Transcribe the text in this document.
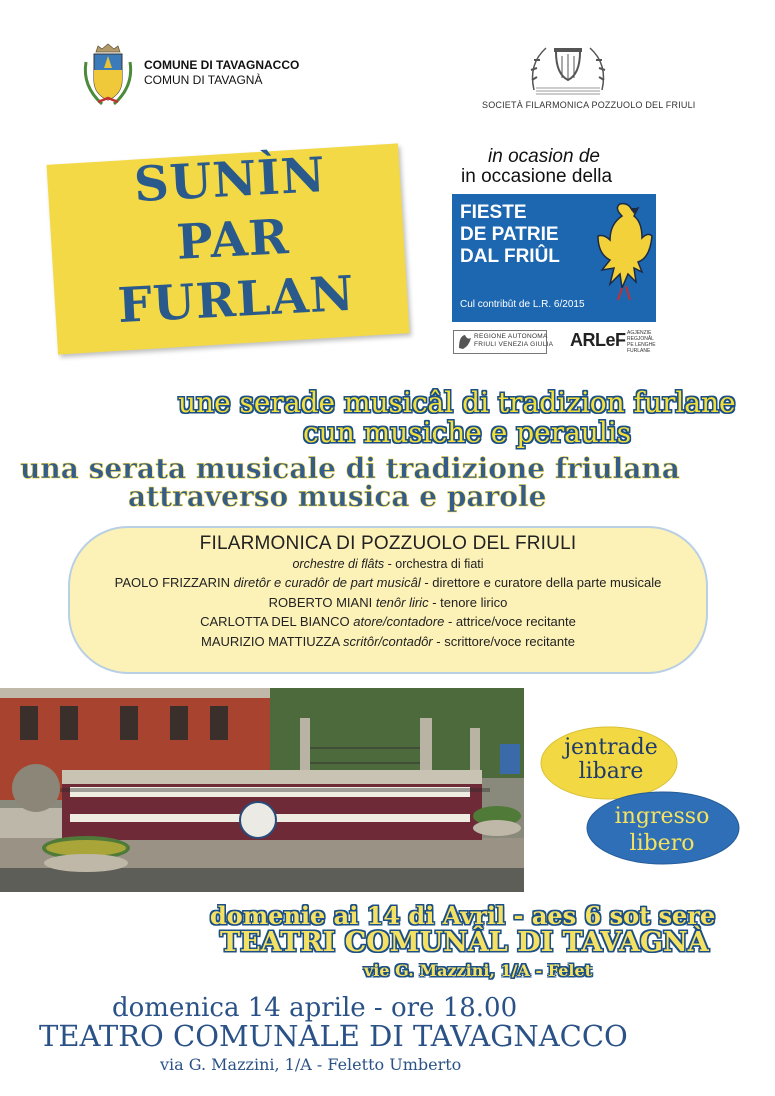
COMUNE DI TAVAGNACCO
COMUN DI TAVAGNÀ
SOCIETÀ FILARMONICA POZZUOLO DEL FRIULI
SUNÌN
PAR
FURLAN
in ocasion de
in occasione della
FIESTE
DE PATRIE
DAL FRIÛL
Cul contribût de L.R. 6/2015
REGIONE AUTONOMA
FRIULI VENEZIA GIULIA ARLeF AGJENZIE
REGJONÂL
PE LENGHE
FURLANE
une serade musicâl di tradizion furlane
cun musiche e peraulis
una serata musicale di tradizione friulana
attraverso musica e parole
FILARMONICA DI POZZUOLO DEL FRIULI
orchestre di flâts - orchestra di fiati
PAOLO FRIZZARIN diretôr e curadôr de part musicâl - direttore e curatore della parte musicale
ROBERTO MIANI tenôr liric - tenore lirico
CARLOTTA DEL BIANCO atore/contadore - attrice/voce recitante
MAURIZIO MATTIUZZA scritôr/contadôr - scrittore/voce recitante
jentrade
libare
ingresso
libero
domenie ai 14 di Avril - aes 6 sot sere
TEATRI COMUNÂL DI TAVAGNÀ
vie G. Mazzini, 1/A - Felet
domenica 14 aprile - ore 18.00
TEATRO COMUNALE DI TAVAGNACCO
via G. Mazzini, 1/A - Feletto Umberto
